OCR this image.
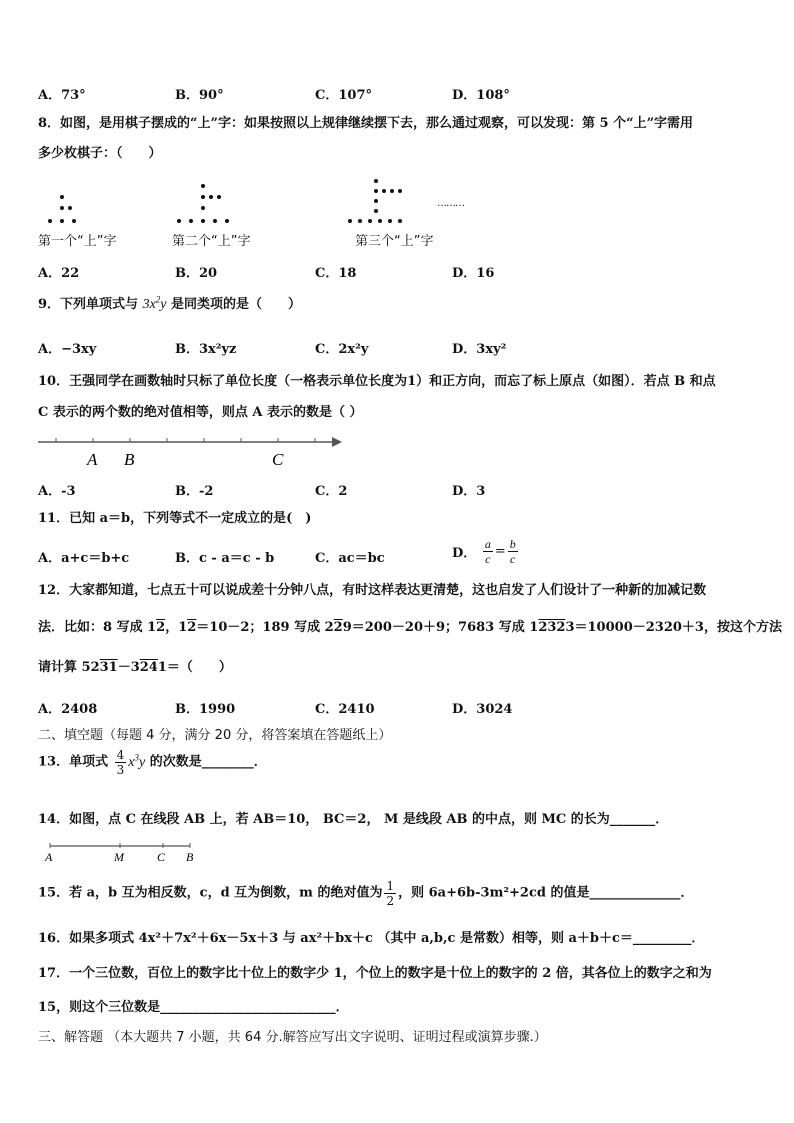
A．73°	B．90°	C．107°	D．108°
8．如图，是用棋子摆成的“上”字：如果按照以上规律继续摆下去，那么通过观察，可以发现：第 5 个“上”字需用
多少枚棋子：（　　）
………
第一个“上”字	第二个“上”字	第三个“上”字
A．22	B．20	C．18	D．16
9．下列单项式与 $3x^2y$ 是同类项的是（　　）
A．−3xy	B．3x²yz	C．2x²y	D．3xy²
10．王强同学在画数轴时只标了单位长度（一格表示单位长度为1）和正方向，而忘了标上原点（如图）．若点 B 和点
C 表示的两个数的绝对值相等，则点 A 表示的数是（ ）
A B	C
A．-3	B．-2	C．2	D．3
11．已知 a＝b，下列等式不一定成立的是(　)
A．a+c＝b+c	B．c - a＝c - b	C．ac＝bc	D． $\frac{a}{c} = \frac{b}{c}$
12．大家都知道，七点五十可以说成差十分钟八点，有时这样表达更清楚，这也启发了人们设计了一种新的加减记数
法．比如：8 写成 12，12＝10－2；189 写成 229＝200－20＋9；7683 写成 12323＝10000－2320＋3，按这个方法
请计算 5231－3241＝（　　）
A．2408	B．1990	C．2410	D．3024
二、填空题（每题 4 分，满分 20 分，将答案填在答题纸上）
13．单项式 $\frac{4}{3} x^3y$ 的次数是________．
14．如图，点 C 在线段 AB 上，若 AB＝10， BC＝2， M 是线段 AB 的中点，则 MC 的长为_______．
A	M	C B
15．若 a，b 互为相反数，c，d 互为倒数，m 的绝对值为 $\frac{1}{2}$ ，则 6a+6b-3m²+2cd 的值是______________．
16．如果多项式 4x²＋7x²＋6x－5x＋3 与 ax²＋bx＋c （其中 a,b,c 是常数）相等，则 a＋b＋c＝_________．
17．一个三位数，百位上的数字比十位上的数字少 1，个位上的数字是十位上的数字的 2 倍，其各位上的数字之和为
15，则这个三位数是___________________________．
三、解答题 （本大题共 7 小题，共 64 分.解答应写出文字说明、证明过程或演算步骤.）
